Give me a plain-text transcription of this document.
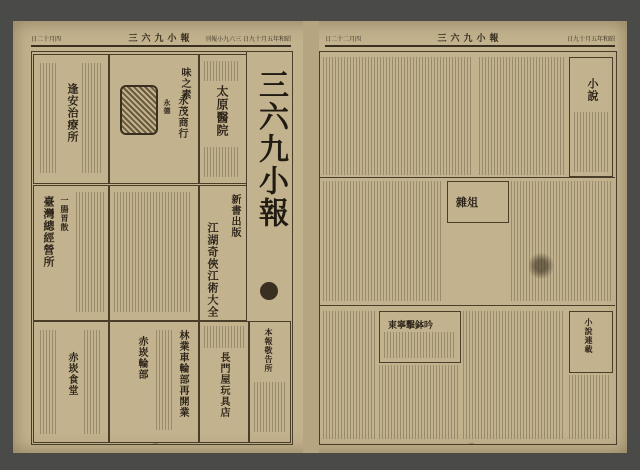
日二十月四	三六九小報	刊報小九六三 日九十月五年和昭
三六九小報
太原醫院
味之素
永德 永茂商行
逢安治療所
新書出版
江湖奇俠江術大全
臺灣總經營所 一腸胃散
本報敬告所
長門屋玩具店
林業車輪部再開業
赤崁輪部
赤崁食堂
―
日二十二月四	三六九小報	日九十月五年和昭
小說
雜俎
東寧擊鉢吟	小說連載
―
